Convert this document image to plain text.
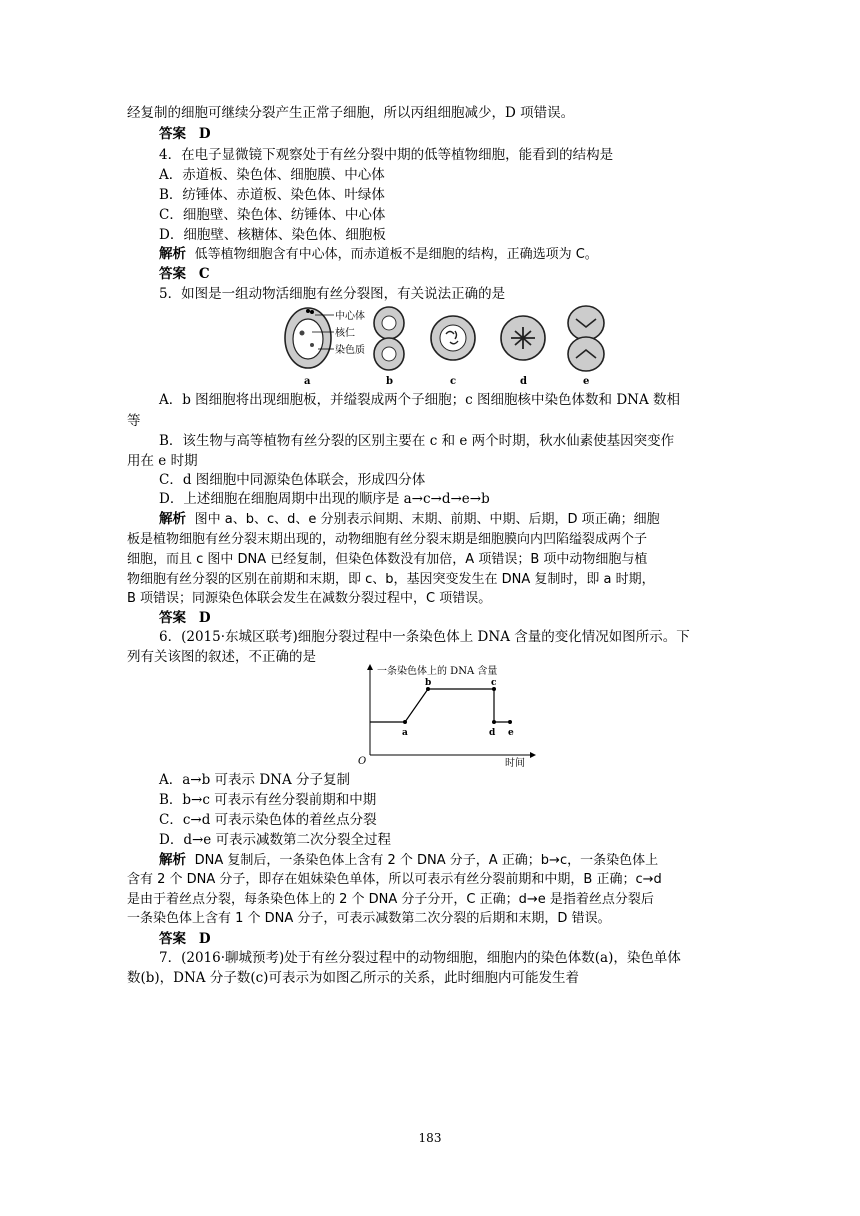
经复制的细胞可继续分裂产生正常子细胞，所以丙组细胞减少，D 项错误。
答案 D
4．在电子显微镜下观察处于有丝分裂中期的低等植物细胞，能看到的结构是
A．赤道板、染色体、细胞膜、中心体
B．纺锤体、赤道板、染色体、叶绿体
C．细胞壁、染色体、纺锤体、中心体
D．细胞壁、核糖体、染色体、细胞板
解析 低等植物细胞含有中心体，而赤道板不是细胞的结构，正确选项为 C。
答案 C
5．如图是一组动物活细胞有丝分裂图，有关说法正确的是
中心体
核仁
染色质
a	b	c	d	e
A．b 图细胞将出现细胞板，并缢裂成两个子细胞；c 图细胞核中染色体数和 DNA 数相
等
B．该生物与高等植物有丝分裂的区别主要在 c 和 e 两个时期，秋水仙素使基因突变作
用在 e 时期
C．d 图细胞中同源染色体联会，形成四分体
D．上述细胞在细胞周期中出现的顺序是 a→c→d→e→b
解析 图中 a、b、c、d、e 分别表示间期、末期、前期、中期、后期，D 项正确；细胞
板是植物细胞有丝分裂末期出现的，动物细胞有丝分裂末期是细胞膜向内凹陷缢裂成两个子
细胞，而且 c 图中 DNA 已经复制，但染色体数没有加倍，A 项错误；B 项中动物细胞与植
物细胞有丝分裂的区别在前期和末期，即 c、b，基因突变发生在 DNA 复制时，即 a 时期，
B 项错误；同源染色体联会发生在减数分裂过程中，C 项错误。
答案 D
6．(2015·东城区联考)细胞分裂过程中一条染色体上 DNA 含量的变化情况如图所示。下
列有关该图的叙述，不正确的是
一条染色体上的 DNA 含量
O	时间
a
b	c
d e
A．a→b 可表示 DNA 分子复制
B．b→c 可表示有丝分裂前期和中期
C．c→d 可表示染色体的着丝点分裂
D．d→e 可表示减数第二次分裂全过程
解析 DNA 复制后，一条染色体上含有 2 个 DNA 分子，A 正确；b→c，一条染色体上
含有 2 个 DNA 分子，即存在姐妹染色单体，所以可表示有丝分裂前期和中期，B 正确；c→d
是由于着丝点分裂，每条染色体上的 2 个 DNA 分子分开，C 正确；d→e 是指着丝点分裂后
一条染色体上含有 1 个 DNA 分子，可表示减数第二次分裂的后期和末期，D 错误。
答案 D
7．(2016·聊城预考)处于有丝分裂过程中的动物细胞，细胞内的染色体数(a)，染色单体
数(b)，DNA 分子数(c)可表示为如图乙所示的关系，此时细胞内可能发生着
183
